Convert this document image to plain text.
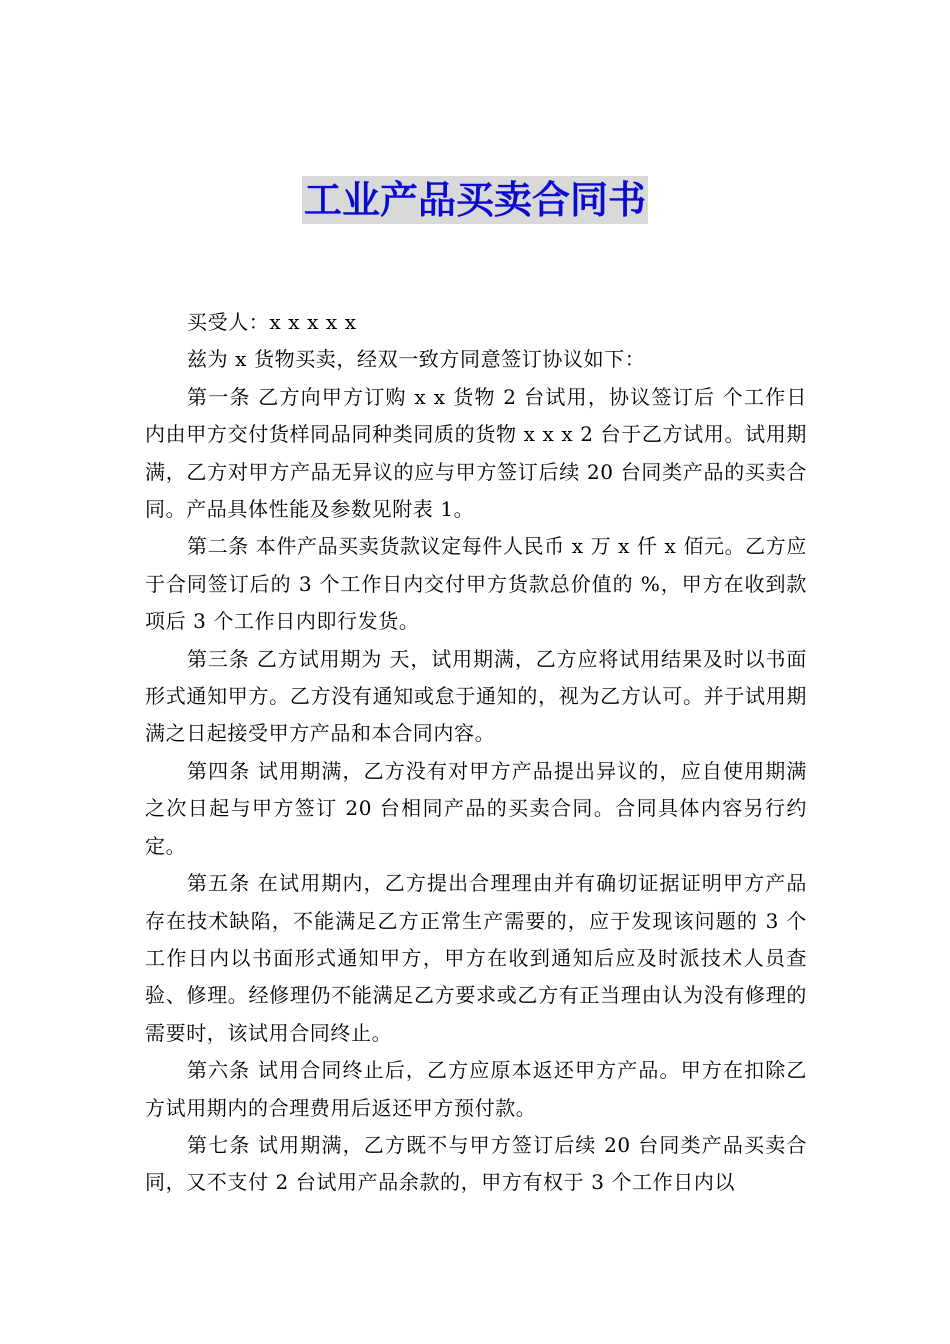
工业产品买卖合同书

买受人：x x x x x

兹为 x 货物买卖，经双一致方同意签订协议如下：

第一条 乙方向甲方订购 x x 货物 2 台试用，协议签订后 个工作日内由甲方交付货样同品同种类同质的货物 x x x 2 台于乙方试用。试用期满，乙方对甲方产品无异议的应与甲方签订后续 20 台同类产品的买卖合同。产品具体性能及参数见附表 1。

第二条 本件产品买卖货款议定每件人民币 x 万 x 仟 x 佰元。乙方应于合同签订后的 3 个工作日内交付甲方货款总价值的 %，甲方在收到款项后 3 个工作日内即行发货。

第三条 乙方试用期为 天，试用期满，乙方应将试用结果及时以书面形式通知甲方。乙方没有通知或怠于通知的，视为乙方认可。并于试用期满之日起接受甲方产品和本合同内容。

第四条 试用期满，乙方没有对甲方产品提出异议的，应自使用期满之次日起与甲方签订 20 台相同产品的买卖合同。合同具体内容另行约定。

第五条 在试用期内，乙方提出合理理由并有确切证据证明甲方产品存在技术缺陷，不能满足乙方正常生产需要的，应于发现该问题的 3 个工作日内以书面形式通知甲方，甲方在收到通知后应及时派技术人员查验、修理。经修理仍不能满足乙方要求或乙方有正当理由认为没有修理的需要时，该试用合同终止。

第六条 试用合同终止后，乙方应原本返还甲方产品。甲方在扣除乙方试用期内的合理费用后返还甲方预付款。

第七条 试用期满，乙方既不与甲方签订后续 20 台同类产品买卖合同，又不支付 2 台试用产品余款的，甲方有权于 3 个工作日内以
